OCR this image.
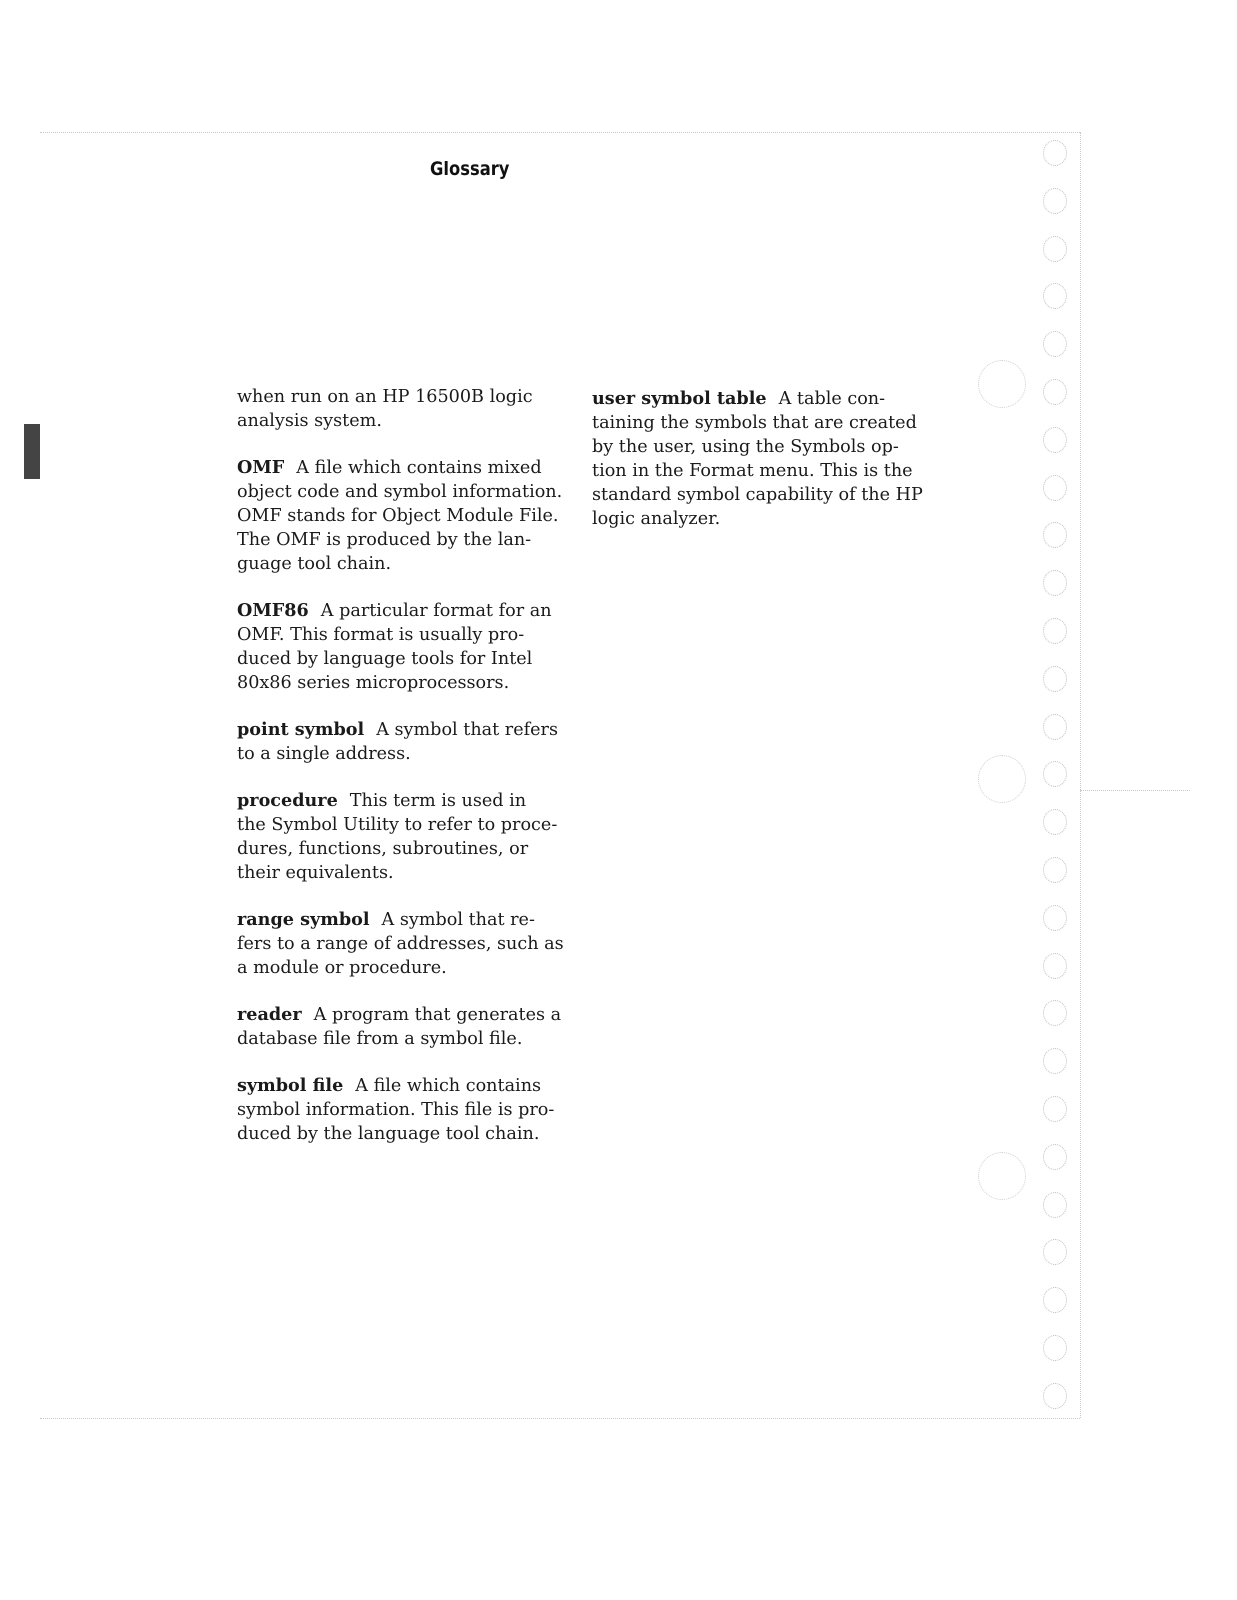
Glossary

when run on an HP 16500B logic
analysis system.

OMF A file which contains mixed
object code and symbol information.
OMF stands for Object Module File.
The OMF is produced by the lan-
guage tool chain.

OMF86 A particular format for an
OMF. This format is usually pro-
duced by language tools for Intel
80x86 series microprocessors.

point symbol A symbol that refers
to a single address.

procedure This term is used in
the Symbol Utility to refer to proce-
dures, functions, subroutines, or
their equivalents.

range symbol A symbol that re-
fers to a range of addresses, such as
a module or procedure.

reader A program that generates a
database file from a symbol file.

symbol file A file which contains
symbol information. This file is pro-
duced by the language tool chain.

user symbol table A table con-
taining the symbols that are created
by the user, using the Symbols op-
tion in the Format menu. This is the
standard symbol capability of the HP
logic analyzer.
